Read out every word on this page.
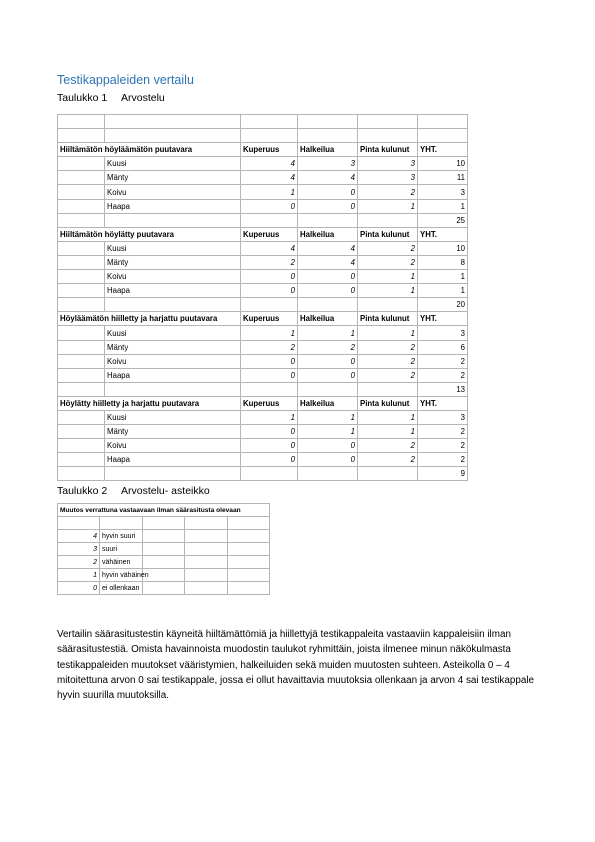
Testikappaleiden vertailu
Taulukko 1 Arvostelu

Hiiltämätön höyläämätön puutavara		Kuperuus	Halkeilua	Pinta kulunut	YHT.
	Kuusi	4	3	3	10
	Mänty	4	4	3	11
	Koivu	1	0	2	3
	Haapa	0	0	1	1
					25
Hiiltämätön höylätty puutavara		Kuperuus	Halkeilua	Pinta kulunut	YHT.
	Kuusi	4	4	2	10
	Mänty	2	4	2	8
	Koivu	0	0	1	1
	Haapa	0	0	1	1
					20
Höyläämätön hiilletty ja harjattu puutavara		Kuperuus	Halkeilua	Pinta kulunut	YHT.
	Kuusi	1	1	1	3
	Mänty	2	2	2	6
	Koivu	0	0	2	2
	Haapa	0	0	2	2
					13
Höylätty hiilletty ja harjattu puutavara		Kuperuus	Halkeilua	Pinta kulunut	YHT.
	Kuusi	1	1	1	3
	Mänty	0	1	1	2
	Koivu	0	0	2	2
	Haapa	0	0	2	2
					9
Taulukko 2 Arvostelu- asteikko
Muutos verrattuna vastaavaan ilman säärasitusta olevaan				

4	hyvin suuri			
3	suuri			
2	vähäinen			
1	hyvin vähäinen			
0	ei ollenkaan			
Vertailin säärasitustestin käyneitä hiiltämättömiä ja hiillettyjä testikappaleita vastaaviin kappaleisiin ilman säärasitustestiä. Omista havainnoista muodostin taulukot ryhmittäin, joista ilmenee minun näkökulmasta testikappaleiden muutokset vääristymien, halkeiluiden sekä muiden muutosten suhteen. Asteikolla 0 – 4 mitoitettuna arvon 0 sai testikappale, jossa ei ollut havaittavia muutoksia ollenkaan ja arvon 4 sai testikappale hyvin suurilla muutoksilla.
